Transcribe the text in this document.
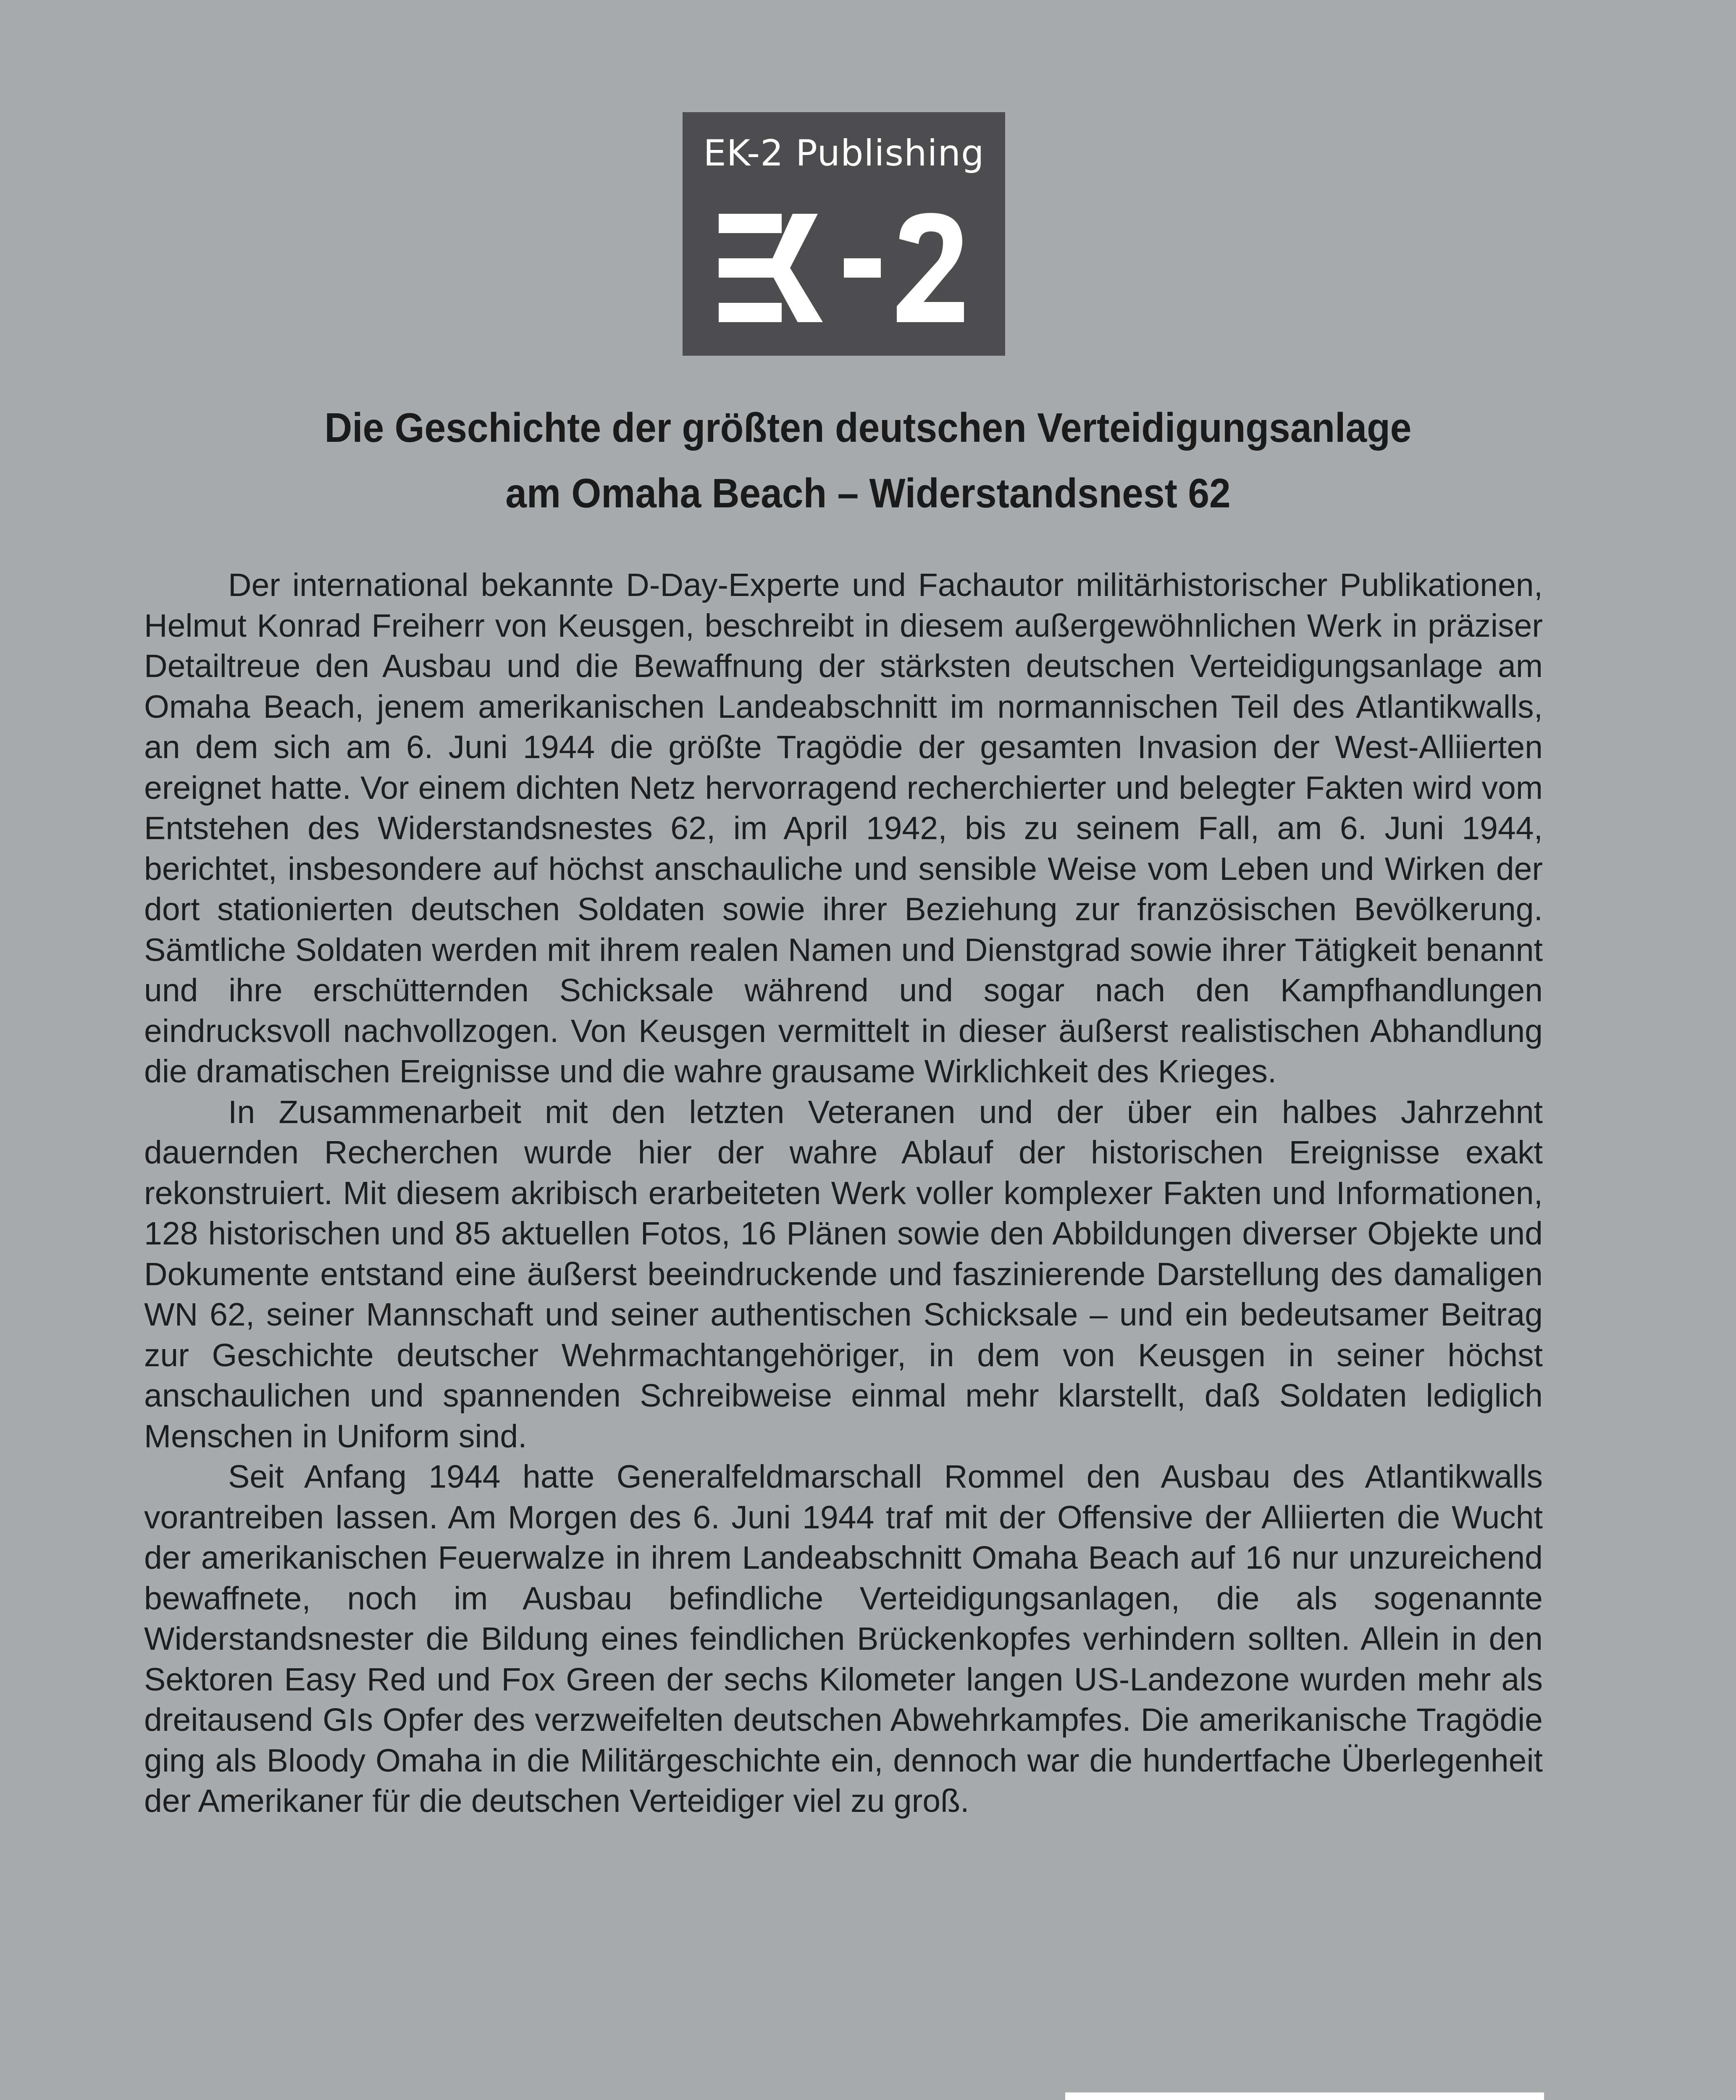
EK-2 Publishing
Die Geschichte der größten deutschen Verteidigungsanlage
am Omaha Beach – Widerstandsnest 62

Der international bekannte D-Day-Experte und Fachautor militärhistorischer Publikationen, Helmut Konrad Freiherr von Keusgen, beschreibt in diesem außergewöhnlichen Werk in präziser Detailtreue den Ausbau und die Bewaffnung der stärksten deutschen Verteidigungsanlage am Omaha Beach, jenem amerikanischen Landeabschnitt im normannischen Teil des Atlantikwalls, an dem sich am 6. Juni 1944 die größte Tragödie der gesamten Invasion der West-Alliierten ereignet hatte. Vor einem dichten Netz hervorragend recherchierter und belegter Fakten wird vom Entstehen des Widerstandsnestes 62, im April 1942, bis zu seinem Fall, am 6. Juni 1944, berichtet, insbesondere auf höchst anschauliche und sensible Weise vom Leben und Wirken der dort stationierten deutschen Soldaten sowie ihrer Beziehung zur französischen Bevölkerung. Sämtliche Soldaten werden mit ihrem realen Namen und Dienstgrad sowie ihrer Tätigkeit benannt und ihre erschütternden Schicksale während und sogar nach den Kampfhandlungen eindrucksvoll nachvollzogen. Von Keusgen vermittelt in dieser äußerst realistischen Abhandlung die dramatischen Ereignisse und die wahre grausame Wirklichkeit des Krieges.

In Zusammenarbeit mit den letzten Veteranen und der über ein halbes Jahrzehnt dauernden Recherchen wurde hier der wahre Ablauf der historischen Ereignisse exakt rekonstruiert. Mit diesem akribisch erarbeiteten Werk voller komplexer Fakten und Informationen, 128 historischen und 85 aktuellen Fotos, 16 Plänen sowie den Abbildungen diverser Objekte und Dokumente entstand eine äußerst beeindruckende und faszinierende Darstellung des damaligen WN 62, seiner Mannschaft und seiner authentischen Schicksale – und ein bedeutsamer Beitrag zur Geschichte deutscher Wehrmachtangehöriger, in dem von Keusgen in seiner höchst anschaulichen und spannenden Schreibweise einmal mehr klarstellt, daß Soldaten lediglich Menschen in Uniform sind.

Seit Anfang 1944 hatte Generalfeldmarschall Rommel den Ausbau des Atlantikwalls vorantreiben lassen. Am Morgen des 6. Juni 1944 traf mit der Offensive der Alliierten die Wucht der amerikanischen Feuerwalze in ihrem Landeabschnitt Omaha Beach auf 16 nur unzureichend bewaffnete, noch im Ausbau befindliche Verteidigungsanlagen, die als sogenannte Widerstandsnester die Bildung eines feindlichen Brückenkopfes verhindern sollten. Allein in den Sektoren Easy Red und Fox Green der sechs Kilometer langen US-Landezone wurden mehr als dreitausend GIs Opfer des verzweifelten deutschen Abwehrkampfes. Die amerikanische Tragödie ging als Bloody Omaha in die Militärgeschichte ein, dennoch war die hundertfache Überlegenheit der Amerikaner für die deutschen Verteidiger viel zu groß.
